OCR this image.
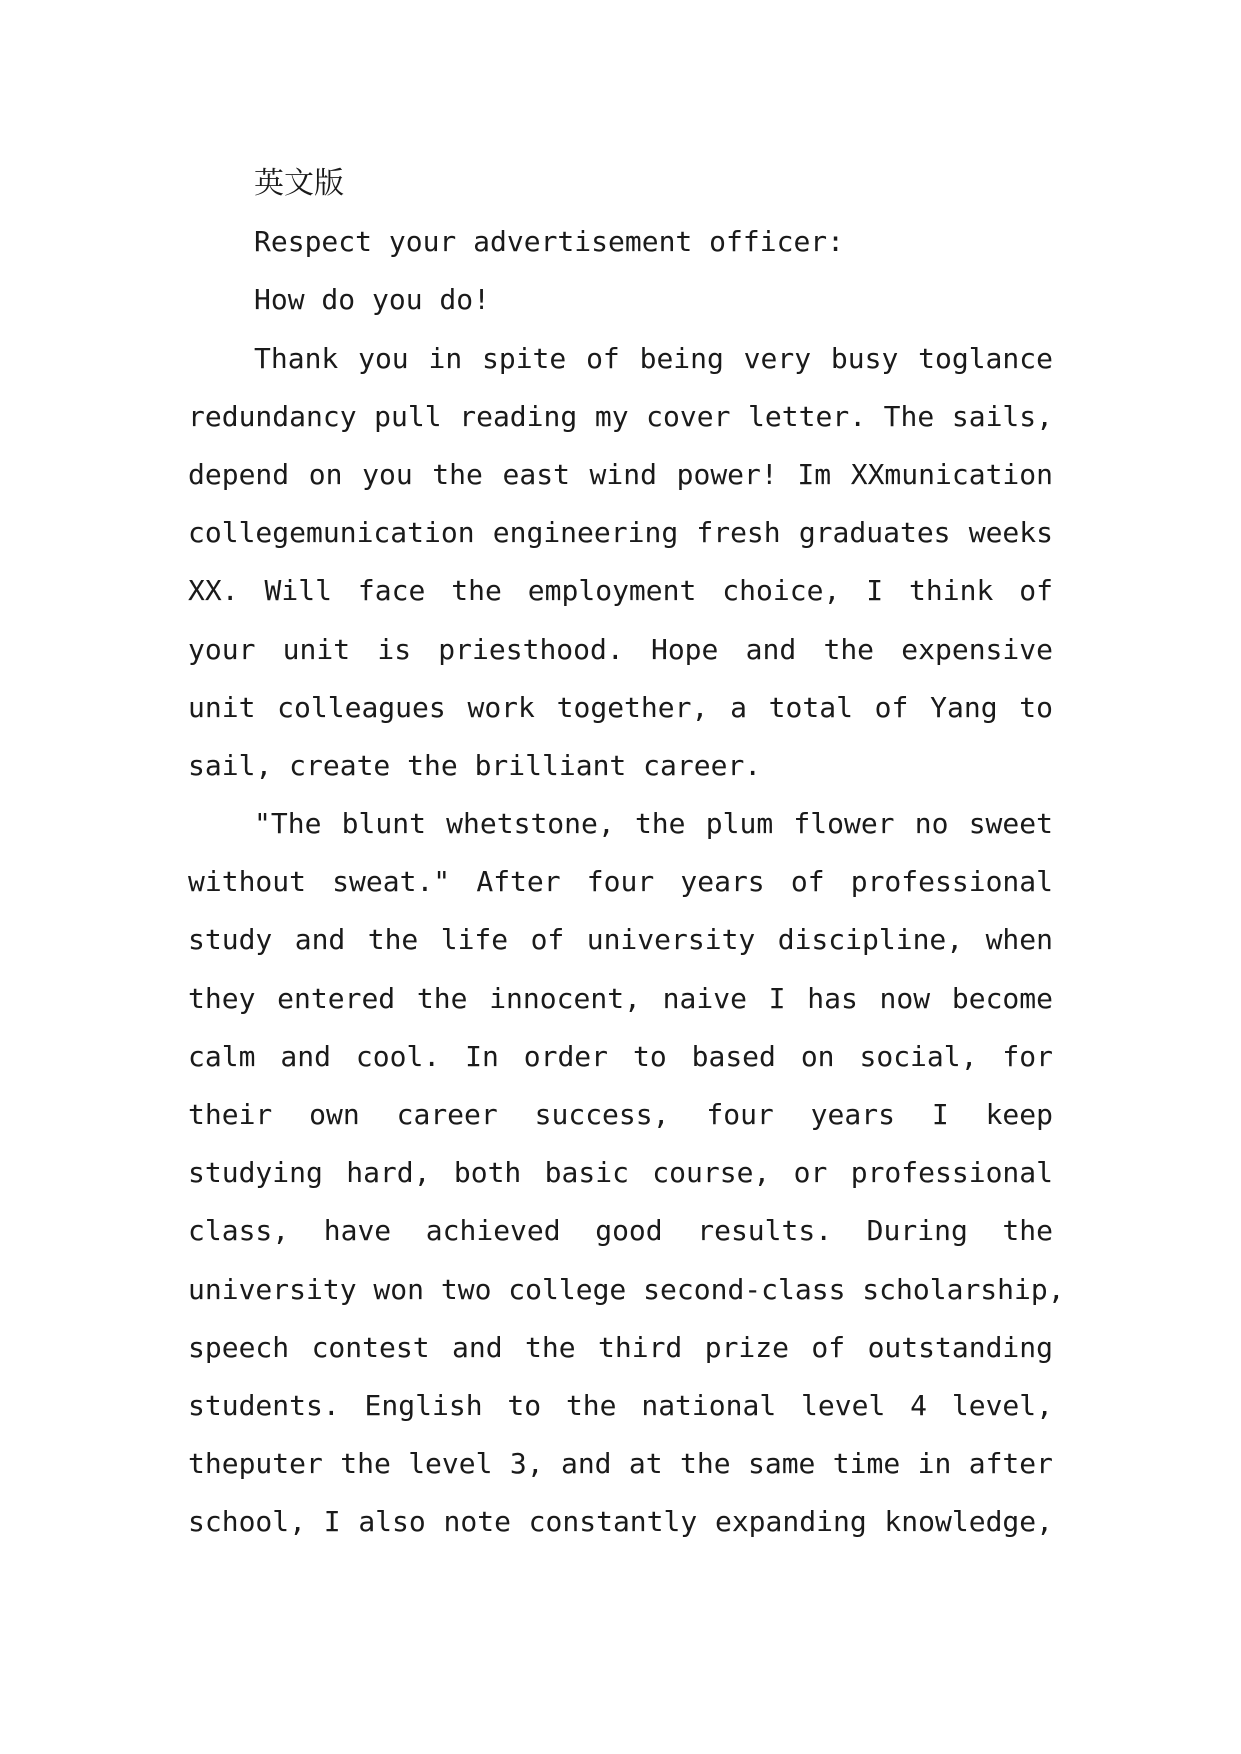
英文版
Respect your advertisement officer:
How do you do!
Thank you in spite of being very busy toglance
redundancy pull reading my cover letter. The sails,
depend on you the east wind power! Im XXmunication
collegemunication engineering fresh graduates weeks
XX. Will face the employment choice, I think of
your unit is priesthood. Hope and the expensive
unit colleagues work together, a total of Yang to
sail, create the brilliant career.
"The blunt whetstone, the plum flower no sweet
without sweat." After four years of professional
study and the life of university discipline, when
they entered the innocent, naive I has now become
calm and cool. In order to based on social, for
their own career success, four years I keep
studying hard, both basic course, or professional
class, have achieved good results. During the
university won two college second-class scholarship,
speech contest and the third prize of outstanding
students. English to the national level 4 level,
theputer the level 3, and at the same time in after
school, I also note constantly expanding knowledge,
